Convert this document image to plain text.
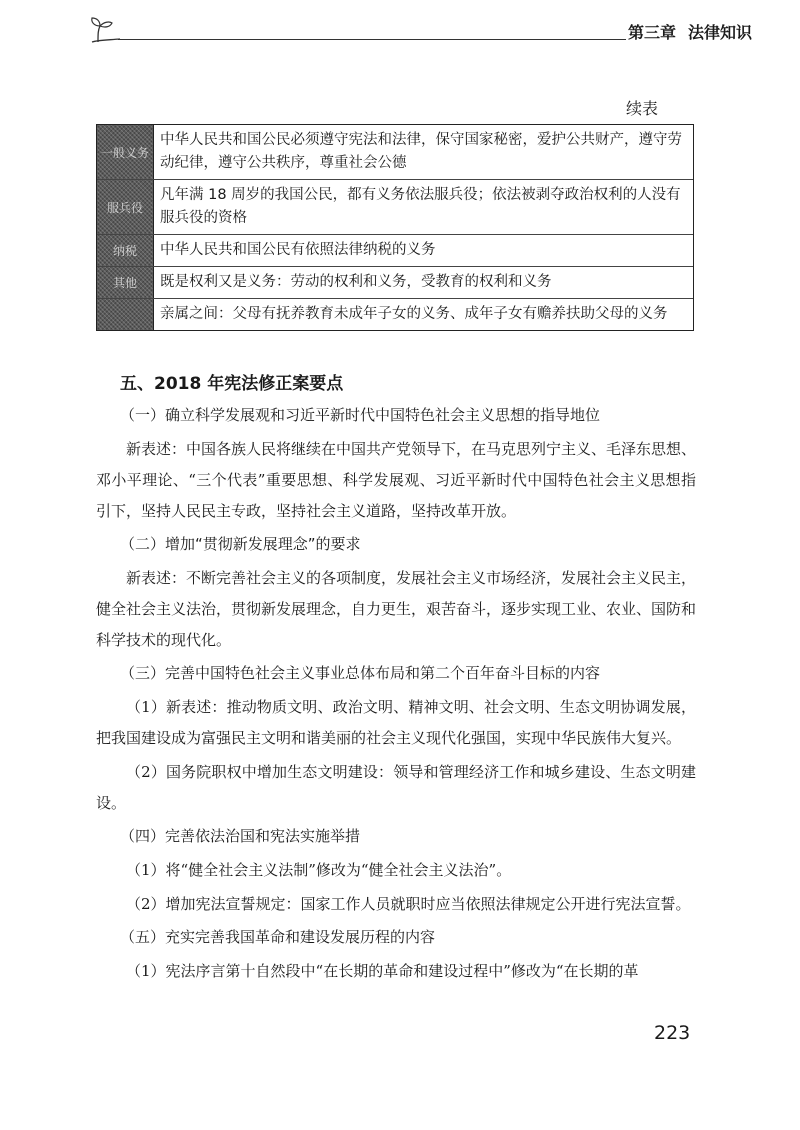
第三章 法律知识
续表
一般义务
中华人民共和国公民必须遵守宪法和法律，保守国家秘密，爱护公共财产，遵守劳动纪律，遵守公共秩序，尊重社会公德
服兵役
凡年满 18 周岁的我国公民，都有义务依法服兵役；依法被剥夺政治权利的人没有服兵役的资格
纳税	中华人民共和国公民有依照法律纳税的义务
其他	既是权利又是义务：劳动的权利和义务，受教育的权利和义务
亲属之间：父母有抚养教育未成年子女的义务、成年子女有赡养扶助父母的义务
五、2018 年宪法修正案要点
（一）确立科学发展观和习近平新时代中国特色社会主义思想的指导地位
新表述：中国各族人民将继续在中国共产党领导下，在马克思列宁主义、毛泽东思想、邓小平理论、“三个代表”重要思想、科学发展观、习近平新时代中国特色社会主义思想指引下，坚持人民民主专政，坚持社会主义道路，坚持改革开放。
（二）增加“贯彻新发展理念”的要求
新表述：不断完善社会主义的各项制度，发展社会主义市场经济，发展社会主义民主，健全社会主义法治，贯彻新发展理念，自力更生，艰苦奋斗，逐步实现工业、农业、国防和科学技术的现代化。
（三）完善中国特色社会主义事业总体布局和第二个百年奋斗目标的内容
（1）新表述：推动物质文明、政治文明、精神文明、社会文明、生态文明协调发展，把我国建设成为富强民主文明和谐美丽的社会主义现代化强国，实现中华民族伟大复兴。
（2）国务院职权中增加生态文明建设：领导和管理经济工作和城乡建设、生态文明建设。
（四）完善依法治国和宪法实施举措
（1）将“健全社会主义法制”修改为“健全社会主义法治”。
（2）增加宪法宣誓规定：国家工作人员就职时应当依照法律规定公开进行宪法宣誓。
（五）充实完善我国革命和建设发展历程的内容
（1）宪法序言第十自然段中“在长期的革命和建设过程中”修改为“在长期的革
223
